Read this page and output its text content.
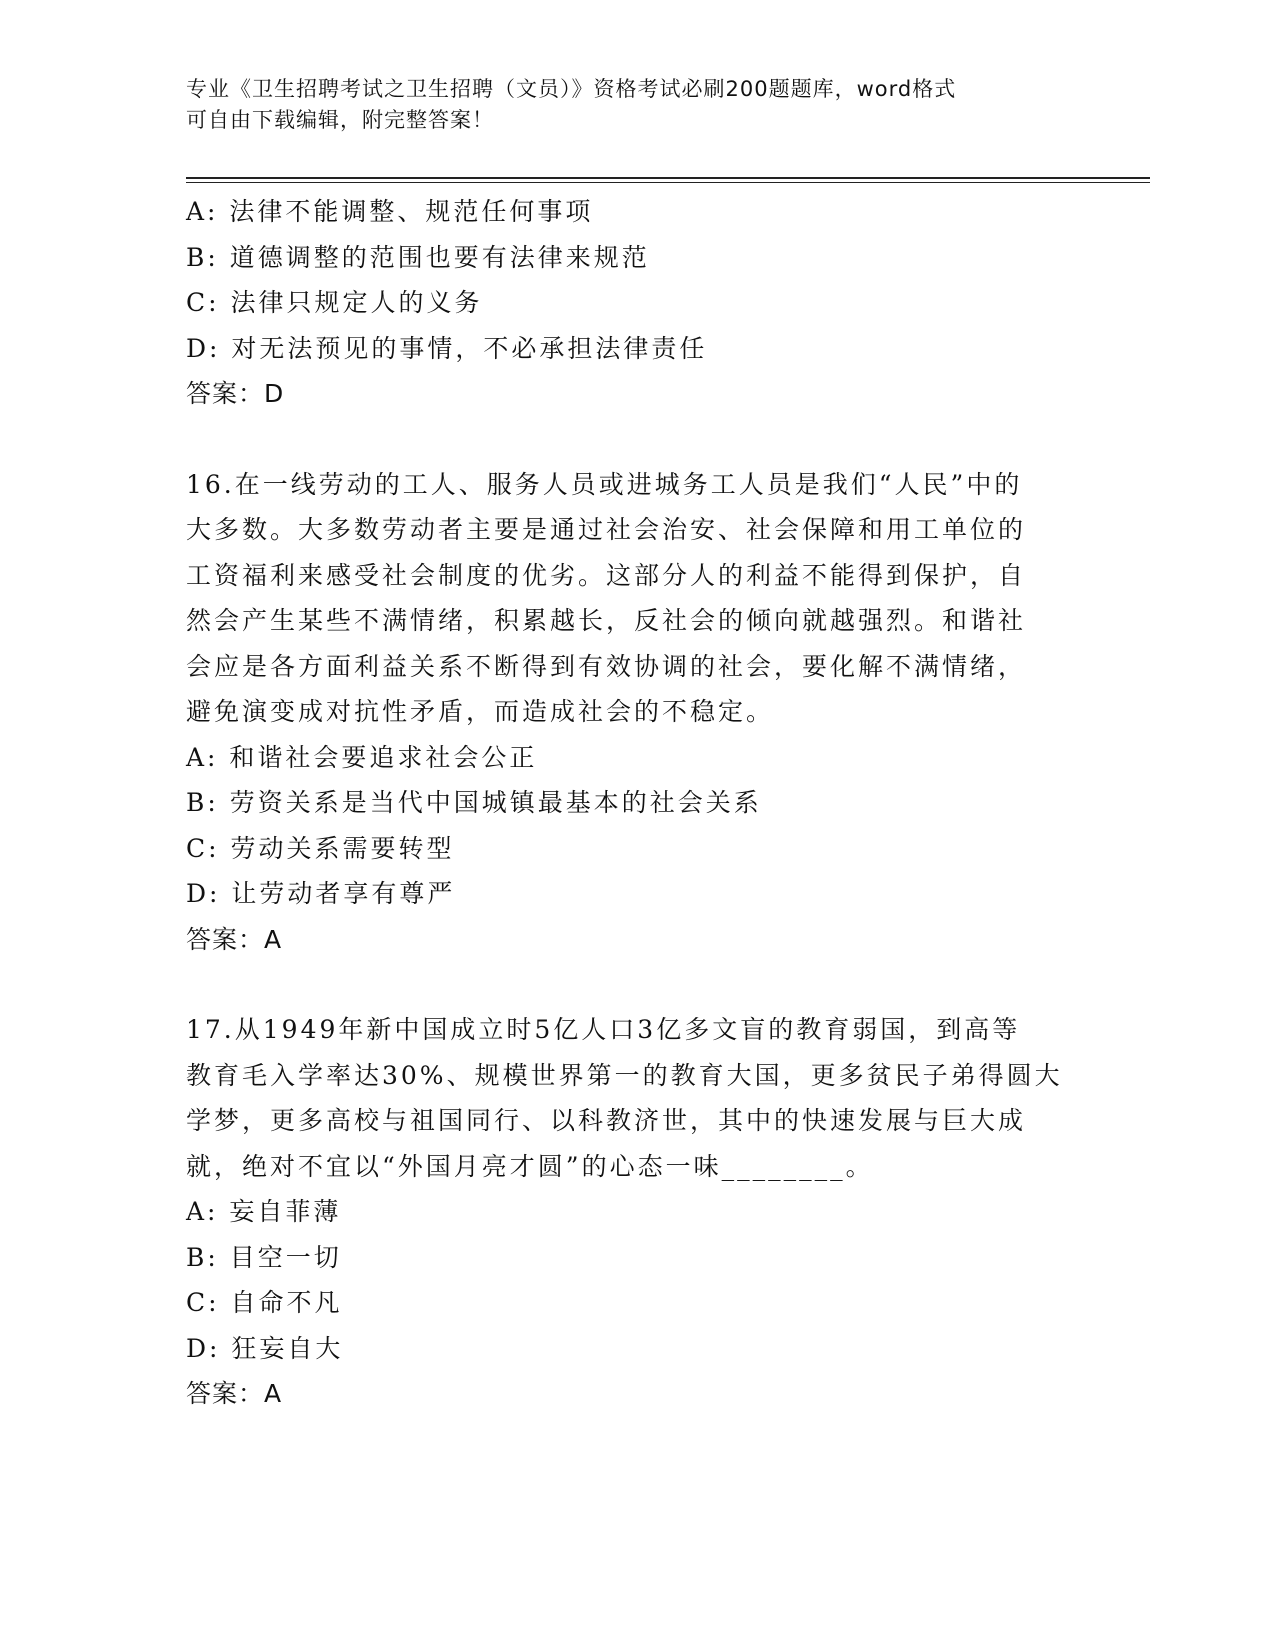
专业《卫生招聘考试之卫生招聘（文员）》资格考试必刷200题题库，word格式
可自由下载编辑，附完整答案！
A: 法律不能调整、规范任何事项
B: 道德调整的范围也要有法律来规范
C: 法律只规定人的义务
D: 对无法预见的事情，不必承担法律责任
答案：D
16.在一线劳动的工人、服务人员或进城务工人员是我们“人民”中的
大多数。大多数劳动者主要是通过社会治安、社会保障和用工单位的
工资福利来感受社会制度的优劣。这部分人的利益不能得到保护，自
然会产生某些不满情绪，积累越长，反社会的倾向就越强烈。和谐社
会应是各方面利益关系不断得到有效协调的社会，要化解不满情绪，
避免演变成对抗性矛盾，而造成社会的不稳定。
A: 和谐社会要追求社会公正
B: 劳资关系是当代中国城镇最基本的社会关系
C: 劳动关系需要转型
D: 让劳动者享有尊严
答案：A
17.从1949年新中国成立时5亿人口3亿多文盲的教育弱国，到高等
教育毛入学率达30%、规模世界第一的教育大国，更多贫民子弟得圆大
学梦，更多高校与祖国同行、以科教济世，其中的快速发展与巨大成
就，绝对不宜以“外国月亮才圆”的心态一味________。
A: 妄自菲薄
B: 目空一切
C: 自命不凡
D: 狂妄自大
答案：A
